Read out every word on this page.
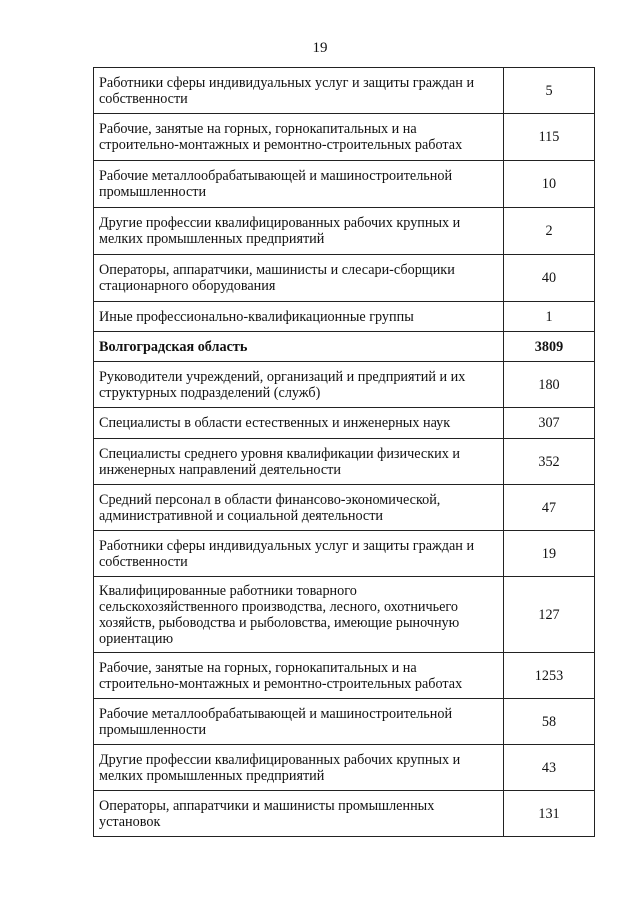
19
Работники сферы индивидуальных услуг и защиты граждан и собственности	5
Рабочие, занятые на горных, горнокапитальных и на строительно-монтажных и ремонтно-строительных работах	115
Рабочие металлообрабатывающей и машиностроительной промышленности	10
Другие профессии квалифицированных рабочих крупных и мелких промышленных предприятий	2
Операторы, аппаратчики, машинисты и слесари-сборщики стационарного оборудования	40
Иные профессионально-квалификационные группы	1
Волгоградская область	3809
Руководители учреждений, организаций и предприятий и их структурных подразделений (служб)	180
Специалисты в области естественных и инженерных наук	307
Специалисты среднего уровня квалификации физических и инженерных направлений деятельности	352
Средний персонал в области финансово-экономической, административной и социальной деятельности	47
Работники сферы индивидуальных услуг и защиты граждан и собственности	19
Квалифицированные работники товарного сельскохозяйственного производства, лесного, охотничьего хозяйств, рыбоводства и рыболовства, имеющие рыночную ориентацию	127
Рабочие, занятые на горных, горнокапитальных и на строительно-монтажных и ремонтно-строительных работах	1253
Рабочие металлообрабатывающей и машиностроительной промышленности	58
Другие профессии квалифицированных рабочих крупных и мелких промышленных предприятий	43
Операторы, аппаратчики и машинисты промышленных установок	131
